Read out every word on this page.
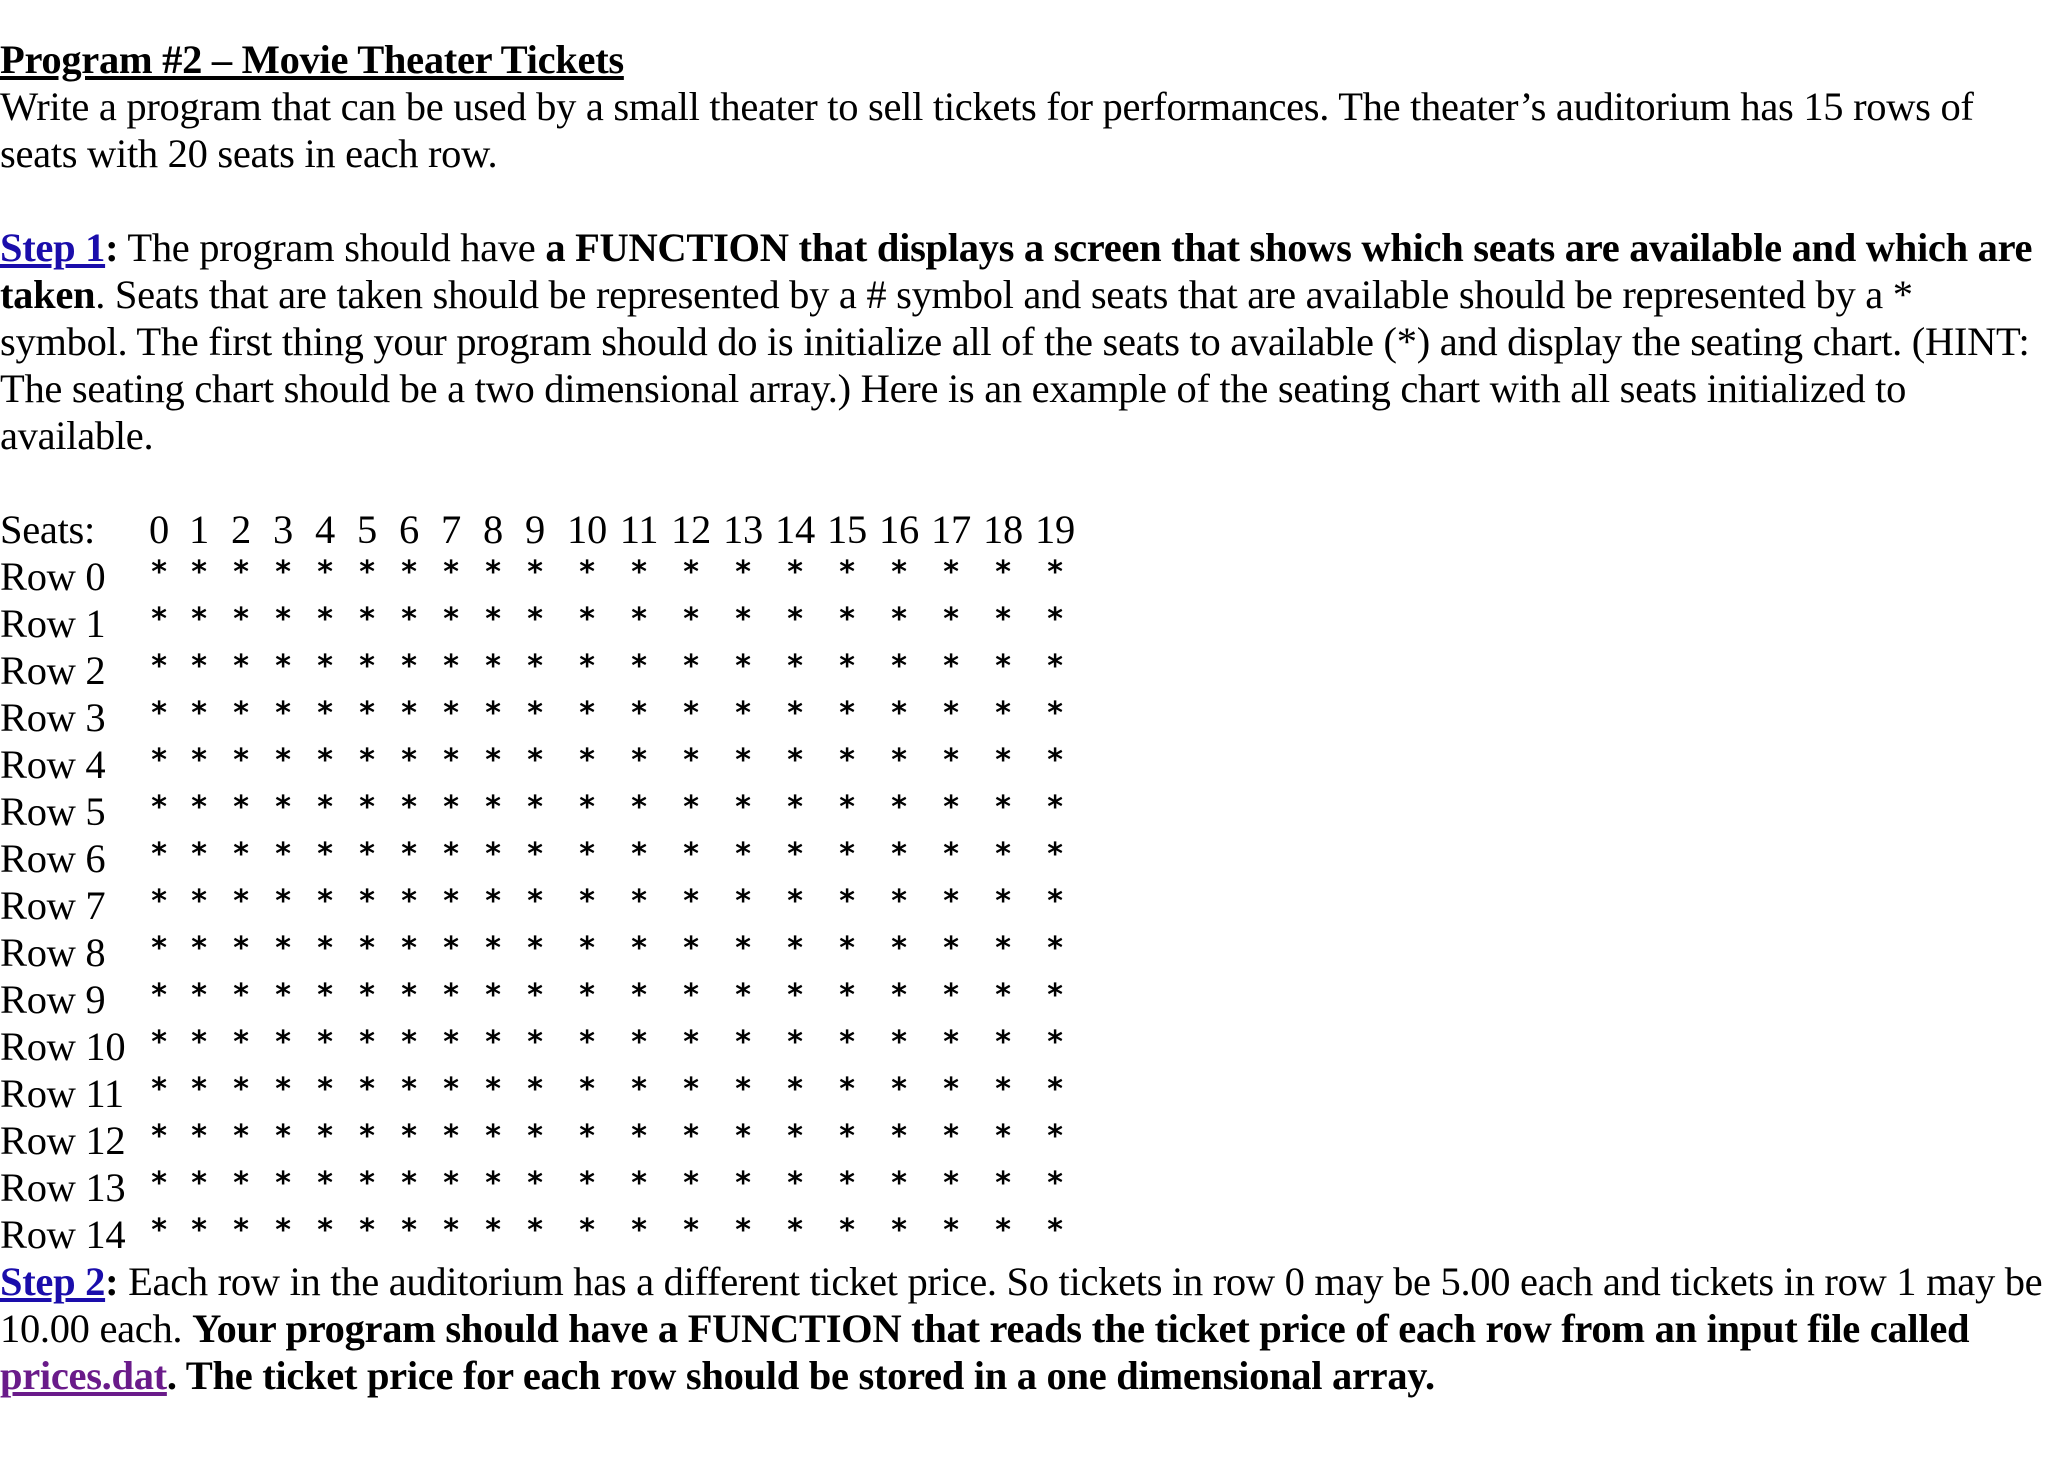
Program #2 – Movie Theater Tickets

Write a program that can be used by a small theater to sell tickets for performances. The theater’s auditorium has 15 rows of seats with 20 seats in each row.

Step 1: The program should have a FUNCTION that displays a screen that shows which seats are available and which are taken. Seats that are taken should be represented by a # symbol and seats that are available should be represented by a * symbol. The first thing your program should do is initialize all of the seats to available (*) and display the seating chart. (HINT: The seating chart should be a two dimensional array.) Here is an example of the seating chart with all seats initialized to available.

Seats: 0 1 2 3 4 5 6 7 8 9 10 11 12 13 14 15 16 17 18 19
Row 0	* * * * * * * * * *	*	*	*	*	*	*	*	*	*	*
Row 1	* * * * * * * * * *	*	*	*	*	*	*	*	*	*	*
Row 2	* * * * * * * * * *	*	*	*	*	*	*	*	*	*	*
Row 3	* * * * * * * * * *	*	*	*	*	*	*	*	*	*	*
Row 4	* * * * * * * * * *	*	*	*	*	*	*	*	*	*	*
Row 5	* * * * * * * * * *	*	*	*	*	*	*	*	*	*	*
Row 6	* * * * * * * * * *	*	*	*	*	*	*	*	*	*	*
Row 7	* * * * * * * * * *	*	*	*	*	*	*	*	*	*	*
Row 8	* * * * * * * * * *	*	*	*	*	*	*	*	*	*	*
Row 9	* * * * * * * * * *	*	*	*	*	*	*	*	*	*	*
Row 10 * * * * * * * * * *	*	*	*	*	*	*	*	*	*	*
Row 11 * * * * * * * * * *	*	*	*	*	*	*	*	*	*	*
Row 12 * * * * * * * * * *	*	*	*	*	*	*	*	*	*	*
Row 13 * * * * * * * * * *	*	*	*	*	*	*	*	*	*	*
Row 14 * * * * * * * * * *	*	*	*	*	*	*	*	*	*	*

Step 2: Each row in the auditorium has a different ticket price. So tickets in row 0 may be 5.00 each and tickets in row 1 may be 10.00 each. Your program should have a FUNCTION that reads the ticket price of each row from an input file called prices.dat. The ticket price for each row should be stored in a one dimensional array.
